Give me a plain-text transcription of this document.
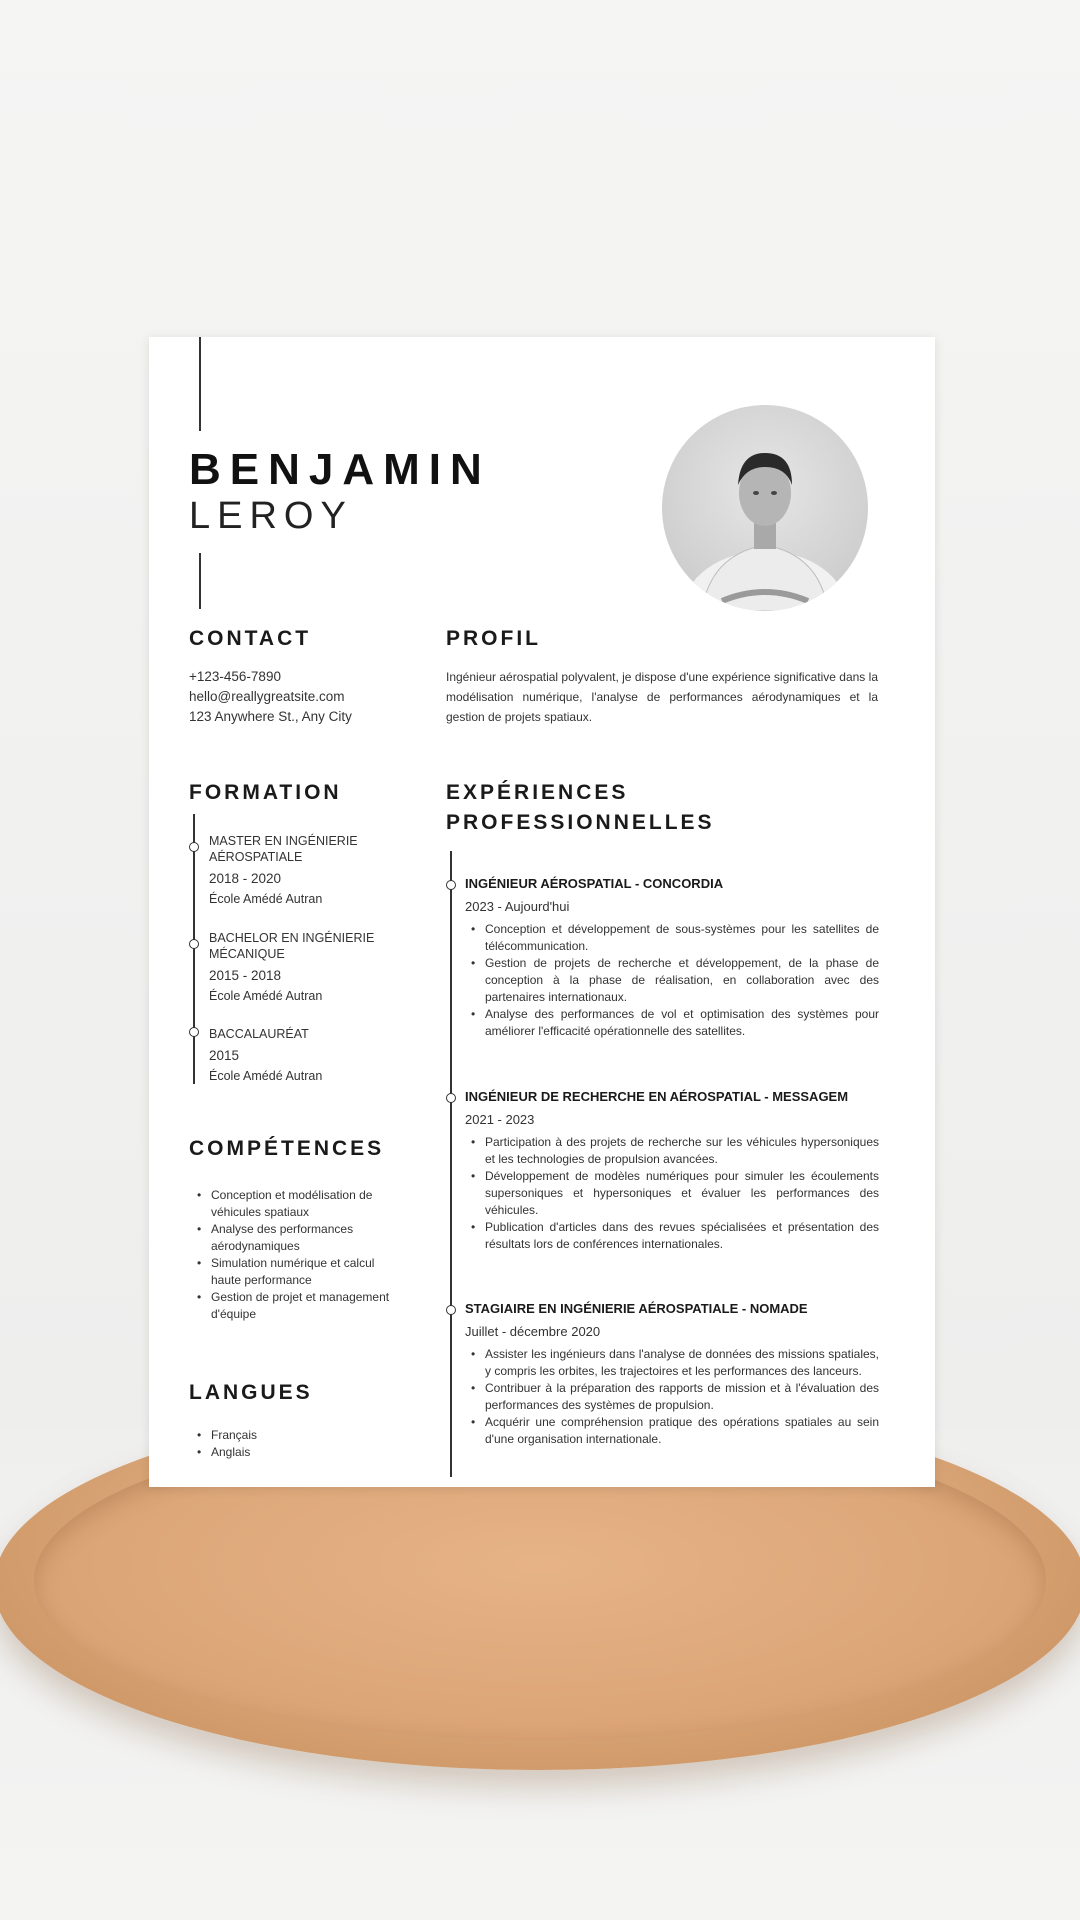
BENJAMIN
LEROY
CONTACT
+123-456-7890
hello@reallygreatsite.com
123 Anywhere St., Any City
PROFIL
Ingénieur aérospatial polyvalent, je dispose d'une expérience significative dans la modélisation numérique, l'analyse de performances aérodynamiques et la gestion de projets spatiaux.
FORMATION
MASTER EN INGÉNIERIE AÉROSPATIALE
2018 - 2020
École Amédé Autran
BACHELOR EN INGÉNIERIE MÉCANIQUE
2015 - 2018
École Amédé Autran
BACCALAURÉAT
2015
École Amédé Autran
COMPÉTENCES
• Conception et modélisation de véhicules spatiaux
• Analyse des performances aérodynamiques
• Simulation numérique et calcul haute performance
• Gestion de projet et management d'équipe
LANGUES
• Français
• Anglais
EXPÉRIENCES
PROFESSIONNELLES
INGÉNIEUR AÉROSPATIAL - CONCORDIA
2023 - Aujourd'hui
• Conception et développement de sous-systèmes pour les satellites de télécommunication.
• Gestion de projets de recherche et développement, de la phase de conception à la phase de réalisation, en collaboration avec des partenaires internationaux.
• Analyse des performances de vol et optimisation des systèmes pour améliorer l'efficacité opérationnelle des satellites.
INGÉNIEUR DE RECHERCHE EN AÉROSPATIAL - MESSAGEM
2021 - 2023
• Participation à des projets de recherche sur les véhicules hypersoniques et les technologies de propulsion avancées.
• Développement de modèles numériques pour simuler les écoulements supersoniques et hypersoniques et évaluer les performances des véhicules.
• Publication d'articles dans des revues spécialisées et présentation des résultats lors de conférences internationales.
STAGIAIRE EN INGÉNIERIE AÉROSPATIALE - NOMADE
Juillet - décembre 2020
• Assister les ingénieurs dans l'analyse de données des missions spatiales, y compris les orbites, les trajectoires et les performances des lanceurs.
• Contribuer à la préparation des rapports de mission et à l'évaluation des performances des systèmes de propulsion.
• Acquérir une compréhension pratique des opérations spatiales au sein d'une organisation internationale.
